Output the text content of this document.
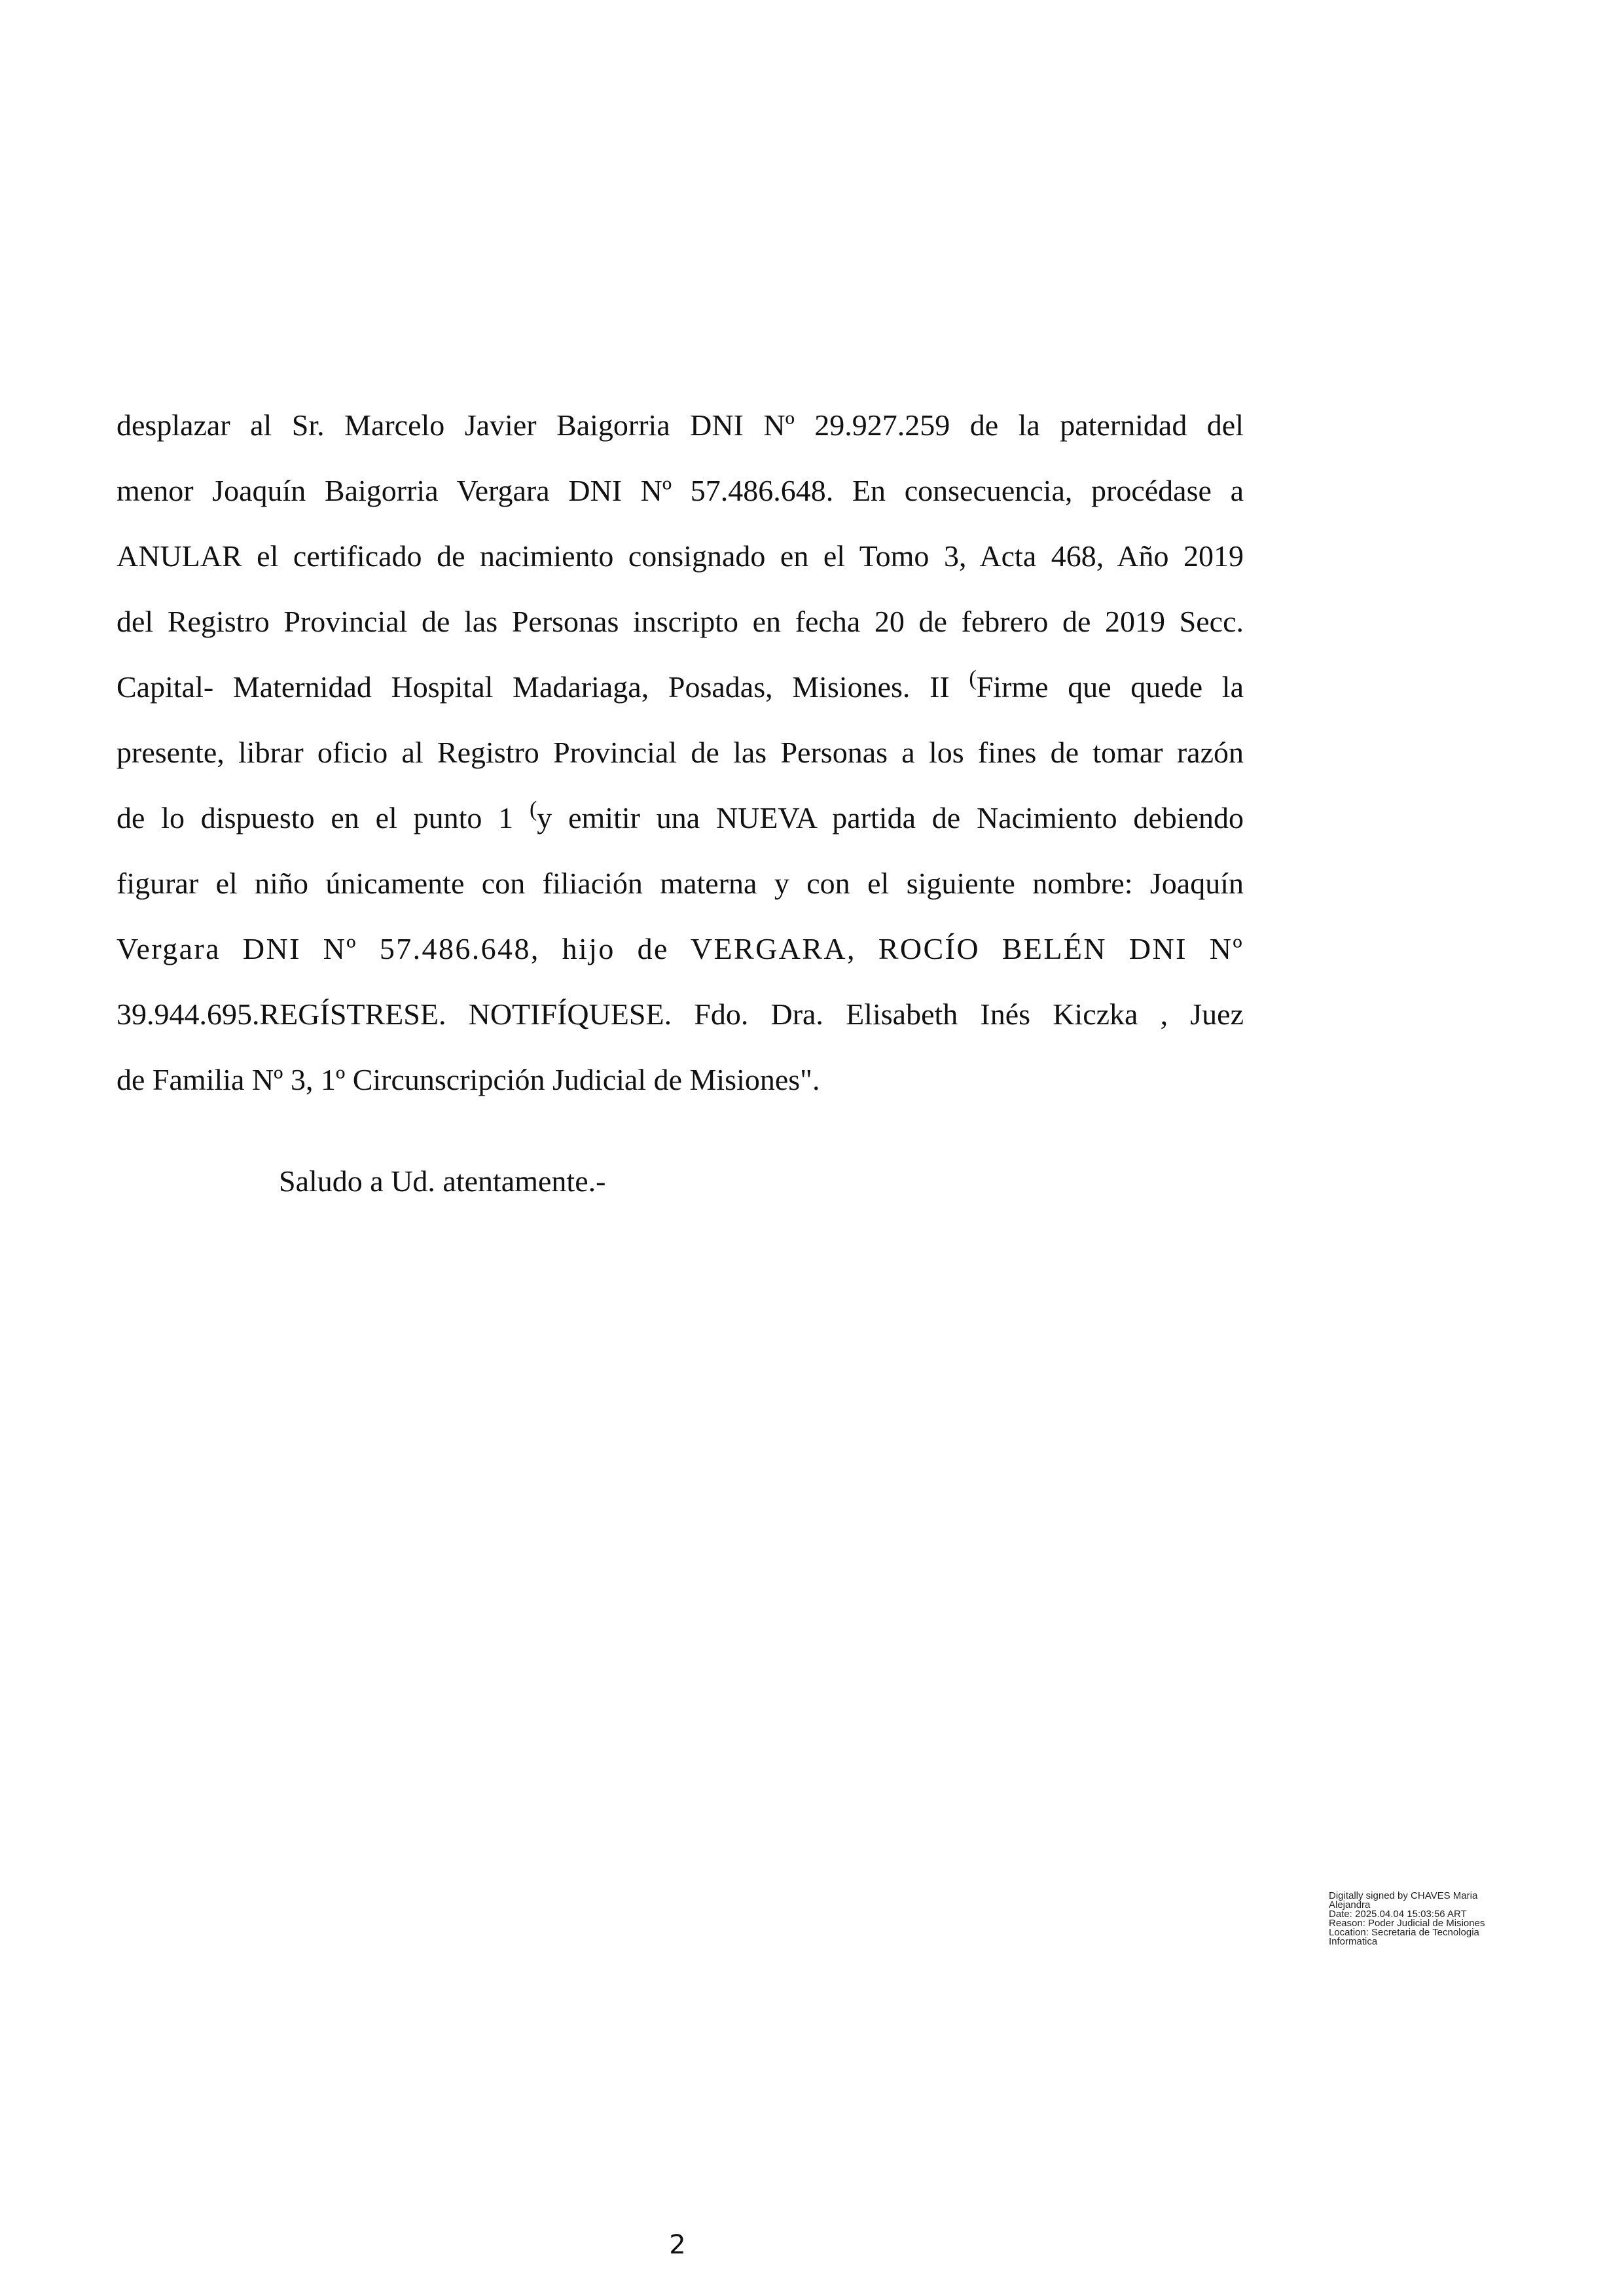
desplazar al Sr. Marcelo Javier Baigorria DNI Nº 29.927.259 de la paternidad del
menor Joaquín Baigorria Vergara DNI Nº 57.486.648. En consecuencia, procédase a
ANULAR el certificado de nacimiento consignado en el Tomo 3, Acta 468, Año 2019
del Registro Provincial de las Personas inscripto en fecha 20 de febrero de 2019 Secc.
Capital- Maternidad Hospital Madariaga, Posadas, Misiones. II (Firme que quede la
presente, librar oficio al Registro Provincial de las Personas a los fines de tomar razón
de lo dispuesto en el punto 1 (y emitir una NUEVA partida de Nacimiento debiendo
figurar el niño únicamente con filiación materna y con el siguiente nombre: Joaquín
Vergara DNI Nº 57.486.648, hijo de VERGARA, ROCÍO BELÉN DNI Nº
39.944.695.REGÍSTRESE. NOTIFÍQUESE. Fdo. Dra. Elisabeth Inés Kiczka , Juez
de Familia Nº 3, 1º Circunscripción Judicial de Misiones".
Saludo a Ud. atentamente.-
Digitally signed by CHAVES Maria
Alejandra
Date: 2025.04.04 15:03:56 ART
Reason: Poder Judicial de Misiones
Location: Secretaria de Tecnologia
Informatica
2
